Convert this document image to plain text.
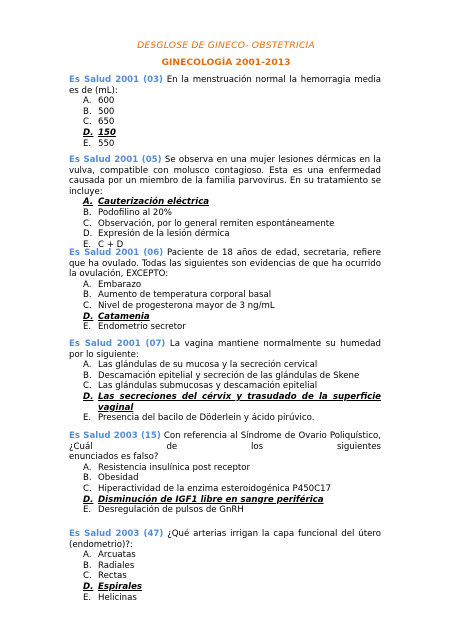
DESGLOSE DE GINECO- OBSTETRICIA
GINECOLOGÍA 2001-2013
Es Salud 2001 (03) En la menstruación normal la hemorragia media es de (mL):
A. 600
B. 500
C. 650
D. 150
E. 550
Es Salud 2001 (05) Se observa en una mujer lesiones dérmicas en la vulva, compatible con molusco contagioso. Esta es una enfermedad causada por un miembro de la familia parvovirus. En su tratamiento se incluye:
A. Cauterización eléctrica
B. Podofilino al 20%
C. Observación, por lo general remiten espontáneamente
D. Expresión de la lesión dérmica
E. C + D
Es Salud 2001 (06) Paciente de 18 años de edad, secretaria, refiere que ha ovulado. Todas las siguientes son evidencias de que ha ocurrido la ovulación, EXCEPTO:
A. Embarazo
B. Aumento de temperatura corporal basal
C. Nivel de progesterona mayor de 3 ng/mL
D. Catamenia
E. Endometrio secretor
Es Salud 2001 (07) La vagina mantiene normalmente su humedad por lo siguiente:
A. Las glándulas de su mucosa y la secreción cervical
B. Descamación epitelial y secreción de las glándulas de Skene
C. Las glándulas submucosas y descamación epitelial
D. Las secreciones del cérvix y trasudado de la superficie vaginal
E. Presencia del bacilo de Döderlein y ácido pirúvico.
Es Salud 2003 (15) Con referencia al Síndrome de Ovario Poliquístico, ¿Cuál de los siguientes
enunciados es falso?
A. Resistencia insulínica post receptor
B. Obesidad
C. Hiperactividad de la enzima esteroidogénica P450C17
D. Disminución de IGF1 libre en sangre periférica
E. Desregulación de pulsos de GnRH
Es Salud 2003 (47) ¿Qué arterias irrigan la capa funcional del útero (endometrio)?:
A. Arcuatas
B. Radiales
C. Rectas
D. Espirales
E. Helicinas
